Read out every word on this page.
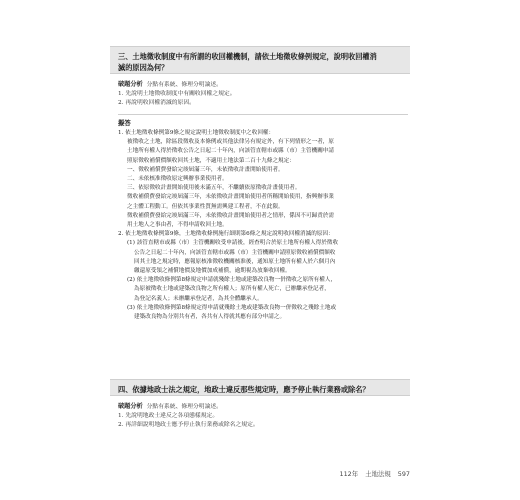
三、土地徵收制度中有所謂的收回權機制，請依土地徵收條例規定，說明收回權消

滅的原因為何？

破題分析 分點有系統、條理分明論述。
1. 先說明土地徵收制度中有關收回權之規定。
2. 再說明收回權消滅的原因。
擬答
1. 依土地徵收條例第9條之規定說明土地徵收制度中之收回權：
被徵收之土地，除區段徵收及本條例或其他法律另有規定外，有下列情形之一者，原
土地所有權人得於徵收公告之日起二十年內，向該管直轄市或縣（市）主管機關申請
照原徵收補償價額收回其土地，不適用土地法第二百十九條之規定：
一、徵收補償費發給完竣屆滿三年，未依徵收計畫開始使用者。
二、未依核准徵收原定興辦事業使用者。
三、依原徵收計畫開始使用後未滿五年，不繼續依原徵收計畫使用者。
徵收補償費發給完竣屆滿三年，未依徵收計畫開始使用者所稱開始使用，指興辦事業
之主體工程動工。但依其事業性質無需興建工程者，不在此限。
徵收補償費發給完竣屆滿三年，未依徵收計畫開始使用者之情形，係因不可歸責於需
用土地人之事由者，不得申請收回土地。
2. 依土地徵收條例第9條，土地徵收條例施行細則第6條之規定說明收回權消滅的原因：
(1) 該管直轄市或縣（市）主管機關收受申請後，經查明合於原土地所有權人得於徵收
公告之日起二十年內，向該管直轄市或縣（市）主管機關申請照原徵收補償價額收
回其土地之規定時，應報原核准徵收機關核准後，通知原土地所有權人於六個月內
繳還原受領之補償地價及地價加成補償，逾期視為放棄收回權。
(2) 依土地徵收條例第8條規定申請就殘餘土地或建築改良物一併徵收之原所有權人，
為原被徵收土地或建築改良物之所有權人；原所有權人死亡，已辦繼承登記者，
為登記名義人；未辦繼承登記者，為其全體繼承人。
(3) 依土地徵收條例第8條規定得申請就殘餘土地或建築改良物一併徵收之殘餘土地或
建築改良物為分別共有者，各共有人得就其應有部分申請之。

四、依據地政士法之規定，地政士違反那些規定時，應予停止執行業務或除名？

破題分析 分點有系統、條理分明論述。
1. 先說明地政士違反之各項態樣規定。
2. 再詳細說明地政士應予停止執行業務或除名之規定。
112年 土地法規 597
